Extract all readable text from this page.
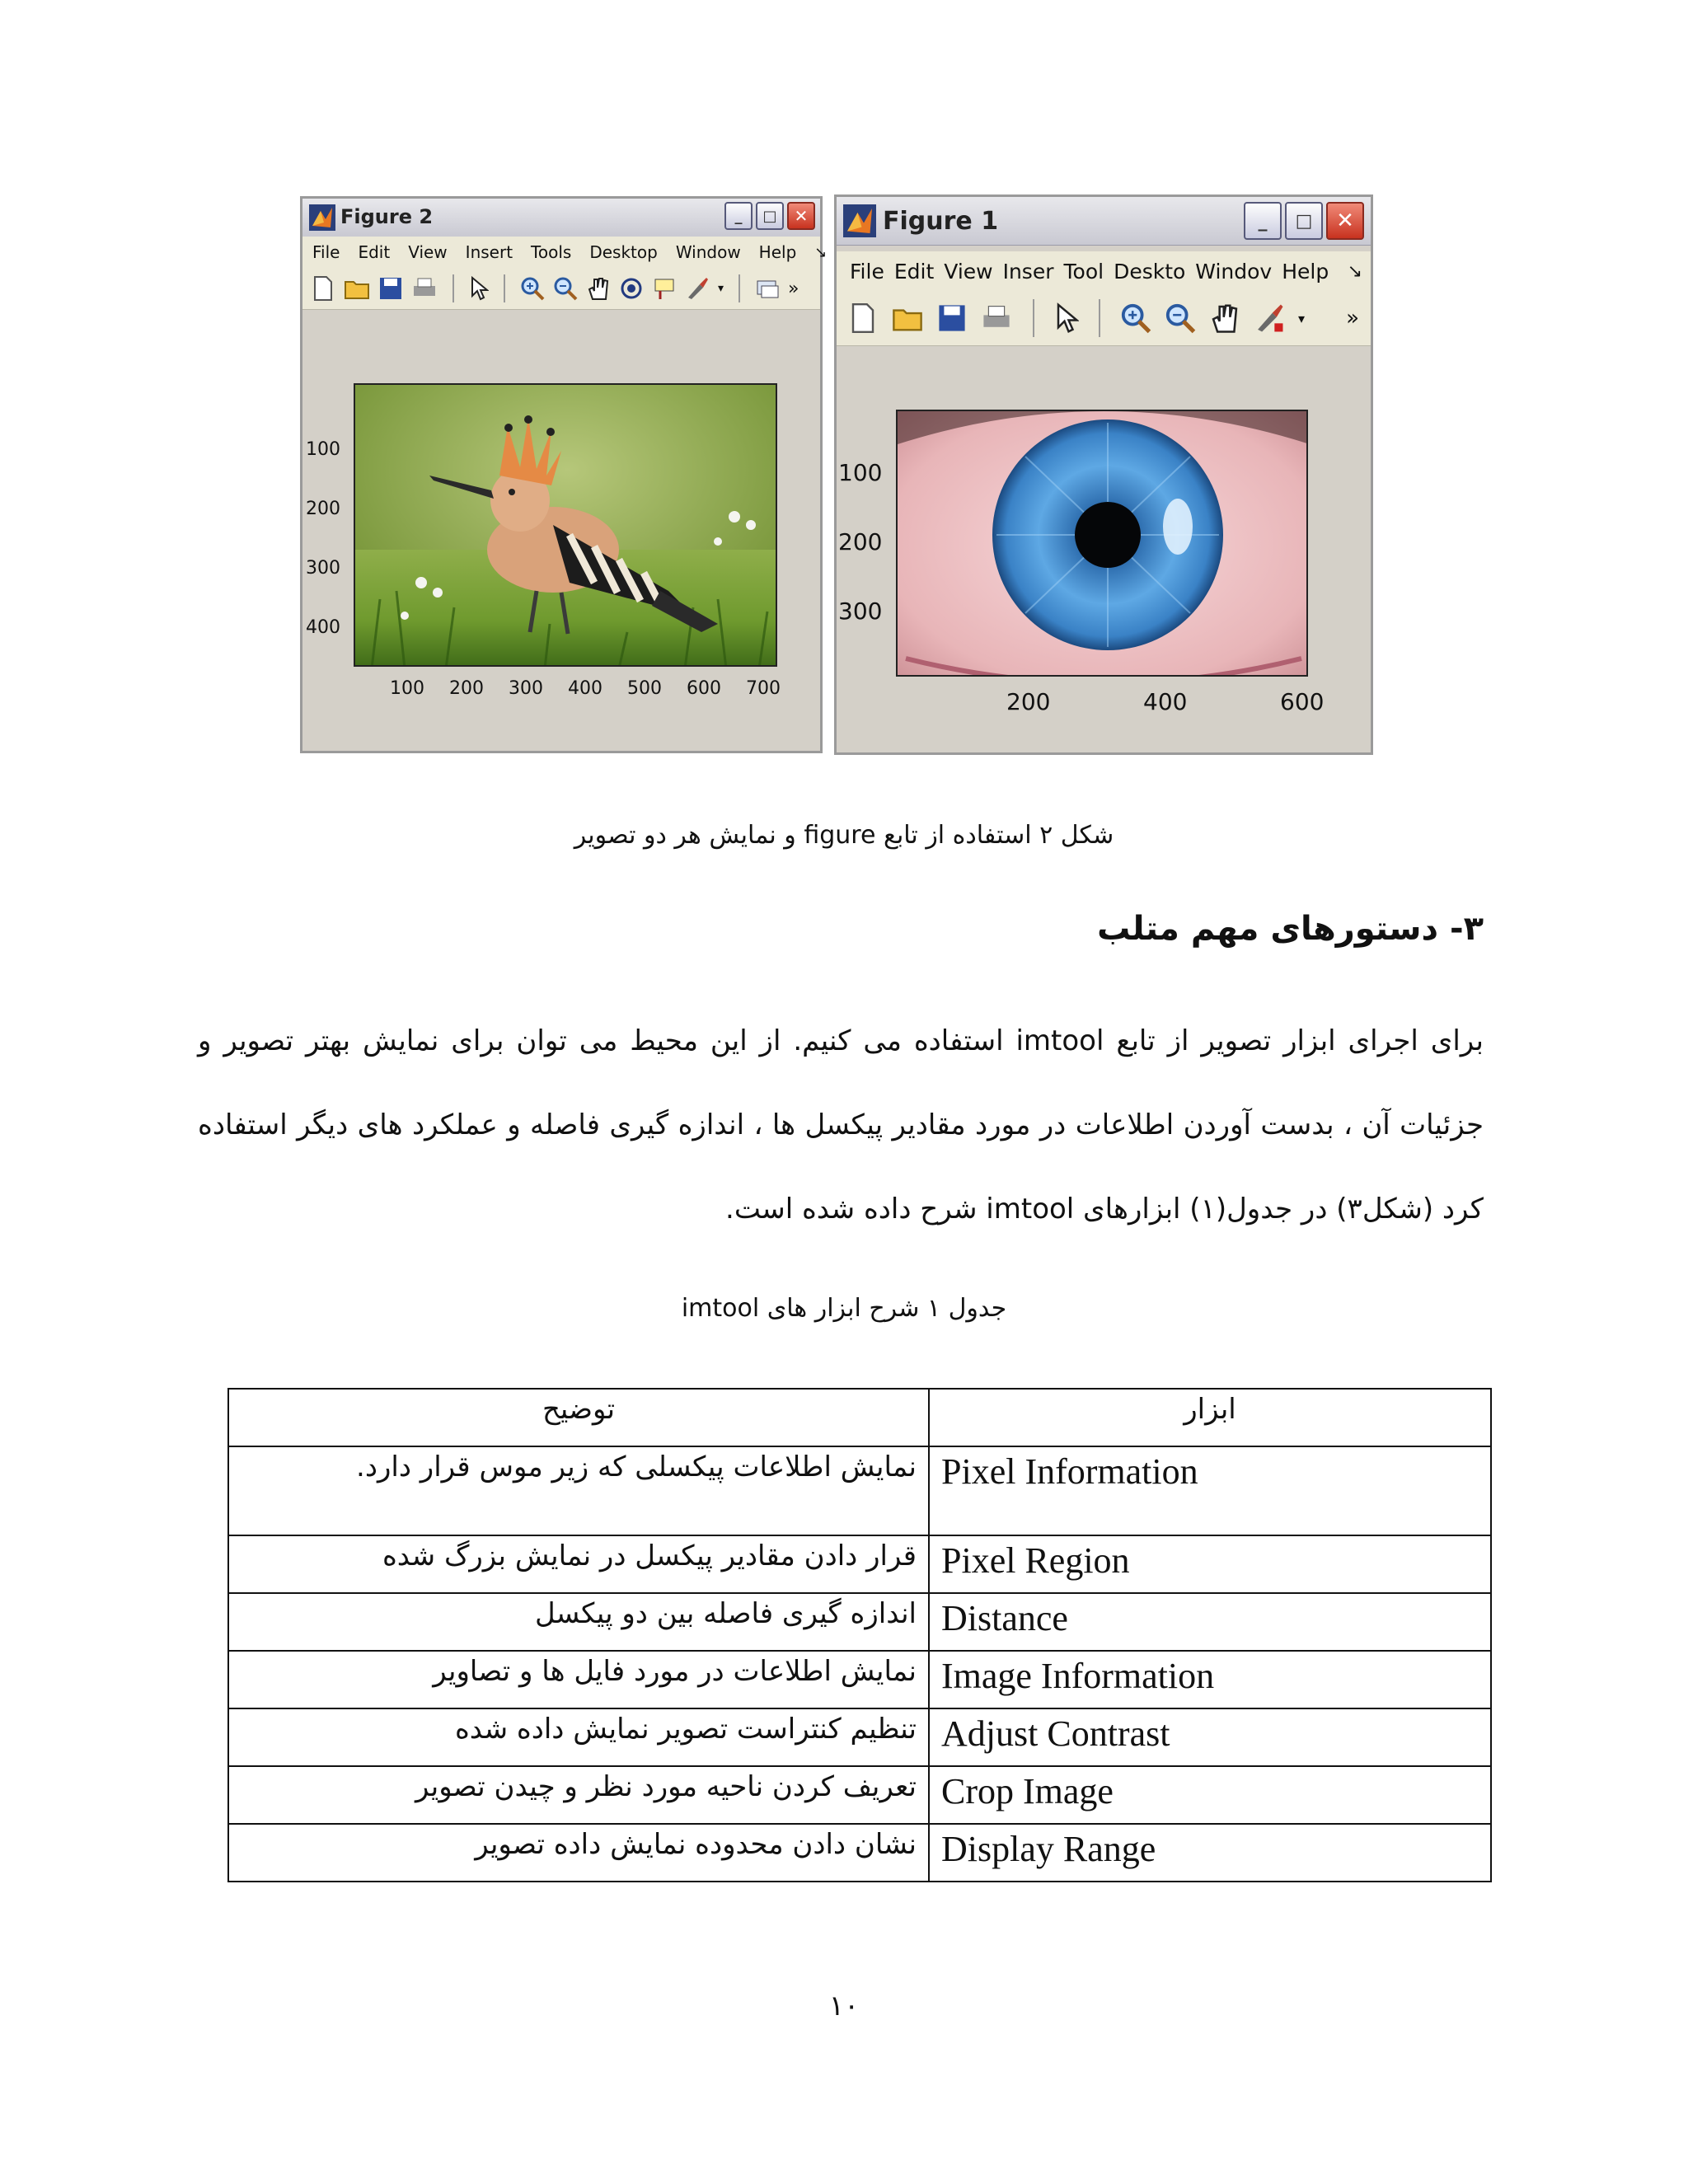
Figure 2	_	□	✕
File Edit View Insert Tools Desktop Window Help ↘
▾	»
100
200
300
400
100 200 300 400 500 600 700
Figure 1	_	□	✕
File Edit View Inser Tool Deskto Windov Help ↘
▾ »
100
200
300
200	400	600
شکل ۲ استفاده از تابع figure و نمایش هر دو تصویر
۳- دستورهای مهم متلب
برای اجرای ابزار تصویر از تابع imtool استفاده می کنیم. از این محیط می توان برای نمایش بهتر تصویر و جزئیات آن ، بدست آوردن اطلاعات در مورد مقادیر پیکسل ها ، اندازه گیری فاصله و عملکرد های دیگر استفاده کرد (شکل۳) در جدول(۱) ابزارهای imtool شرح داده شده است.
جدول ۱ شرح ابزار های imtool
توضیح	ابزار
نمایش اطلاعات پیکسلی که زیر موس قرار دارد.	Pixel Information
قرار دادن مقادیر پیکسل در نمایش بزرگ شده	Pixel Region
اندازه گیری فاصله بین دو پیکسل	Distance
نمایش اطلاعات در مورد فایل ها و تصاویر	Image Information
تنظیم کنتراست تصویر نمایش داده شده	Adjust Contrast
تعریف کردن ناحیه مورد نظر و چیدن تصویر	Crop Image
نشان دادن محدوده نمایش داده تصویر	Display Range
۱۰
